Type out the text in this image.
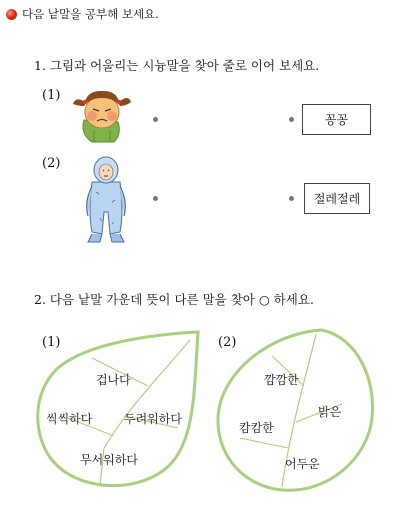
다음 낱말을 공부해 보세요.
1. 그림과 어울리는 시늉말을 찾아 줄로 이어 보세요.
(1)
(2)
꽁꽁
절레절레
2. 다음 낱말 가운데 뜻이 다른 말을 찾아 ○ 하세요.
(1)	(2)
겁나다
씩씩하다	두려워하다
무서워하다
깜깜한
밝은
캄캄한
어두운
